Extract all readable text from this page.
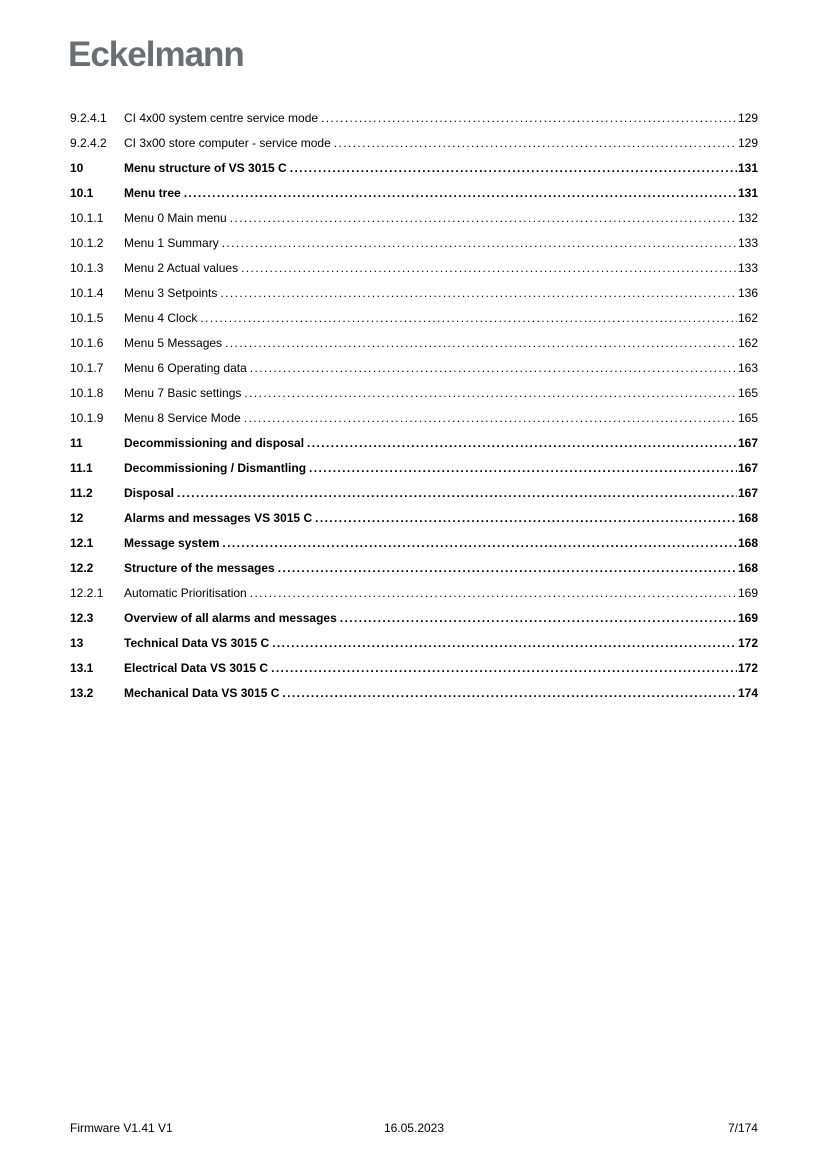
Eckelmann
9.2.4.1	CI 4x00 system centre service mode .....	129
9.2.4.2	CI 3x00 store computer - service mode .....	129
10	Menu structure of VS 3015 C .....	131
10.1	Menu tree .....	131
10.1.1	Menu 0 Main menu .....	132
10.1.2	Menu 1 Summary .....	133
10.1.3	Menu 2 Actual values .....	133
10.1.4	Menu 3 Setpoints .....	136
10.1.5	Menu 4 Clock .....	162
10.1.6	Menu 5 Messages .....	162
10.1.7	Menu 6 Operating data .....	163
10.1.8	Menu 7 Basic settings .....	165
10.1.9	Menu 8 Service Mode .....	165
11	Decommissioning and disposal .....	167
11.1	Decommissioning / Dismantling .....	167
11.2	Disposal .....	167
12	Alarms and messages VS 3015 C .....	168
12.1	Message system .....	168
12.2	Structure of the messages .....	168
12.2.1	Automatic Prioritisation .....	169
12.3	Overview of all alarms and messages .....	169
13	Technical Data VS 3015 C .....	172
13.1	Electrical Data VS 3015 C .....	172
13.2	Mechanical Data VS 3015 C .....	174
Firmware V1.41 V1	16.05.2023	7/174
